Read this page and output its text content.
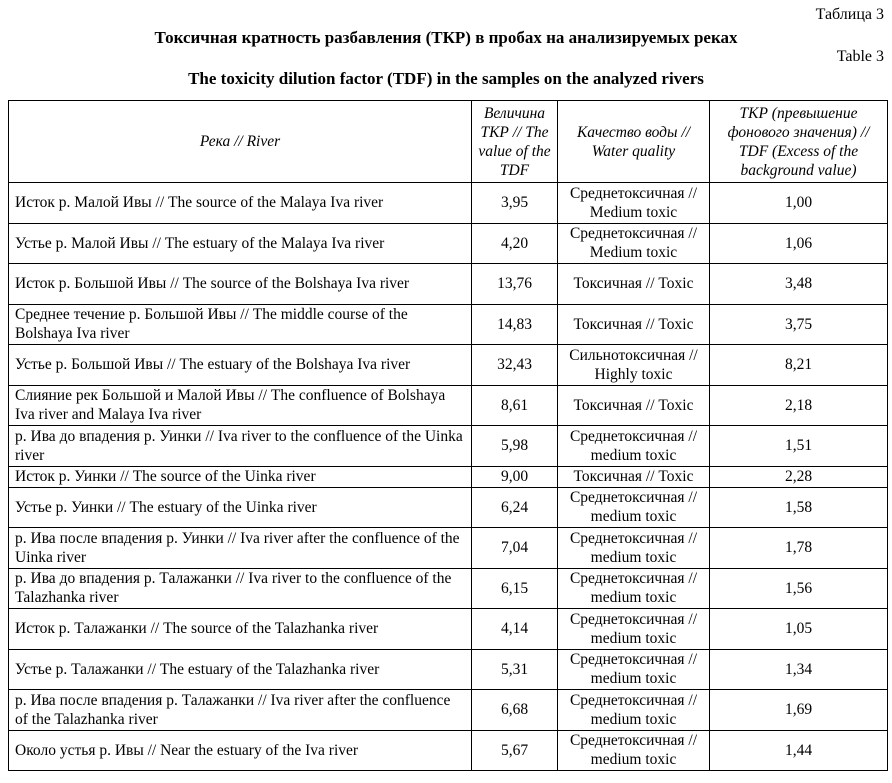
Таблица 3
Токсичная кратность разбавления (ТКР) в пробах на анализируемых реках
Table 3
The toxicity dilution factor (TDF) in the samples on the analyzed rivers
Река // River	Величина ТКР // The value of the TDF	Качество воды // Water quality	ТКР (превышение фонового значения) // TDF (Excess of the background value)
Исток р. Малой Ивы // The source of the Malaya Iva river	3,95	Среднетоксичная // Medium toxic	1,00
Устье р. Малой Ивы // The estuary of the Malaya Iva river	4,20	Среднетоксичная // Medium toxic	1,06
Исток р. Большой Ивы // The source of the Bolshaya Iva river	13,76	Токсичная // Toxic	3,48
Среднее течение р. Большой Ивы // The middle course of the Bolshaya Iva river	14,83	Токсичная // Toxic	3,75
Устье р. Большой Ивы // The estuary of the Bolshaya Iva river	32,43	Сильнотоксичная // Highly toxic	8,21
Слияние рек Большой и Малой Ивы // The confluence of Bolshaya Iva river and Malaya Iva river	8,61	Токсичная // Toxic	2,18
р. Ива до впадения р. Уинки // Iva river to the confluence of the Uinka river	5,98	Среднетоксичная // medium toxic	1,51
Исток р. Уинки // The source of the Uinka river	9,00	Токсичная // Toxic	2,28
Устье р. Уинки // The estuary of the Uinka river	6,24	Среднетоксичная // medium toxic	1,58
р. Ива после впадения р. Уинки // Iva river after the confluence of the Uinka river	7,04	Среднетоксичная // medium toxic	1,78
р. Ива до впадения р. Талажанки // Iva river to the confluence of the Talazhanka river	6,15	Среднетоксичная // medium toxic	1,56
Исток р. Талажанки // The source of the Talazhanka river	4,14	Среднетоксичная // medium toxic	1,05
Устье р. Талажанки // The estuary of the Talazhanka river	5,31	Среднетоксичная // medium toxic	1,34
р. Ива после впадения р. Талажанки // Iva river after the confluence of the Talazhanka river	6,68	Среднетоксичная // medium toxic	1,69
Около устья р. Ивы // Near the estuary of the Iva river	5,67	Среднетоксичная // medium toxic	1,44
